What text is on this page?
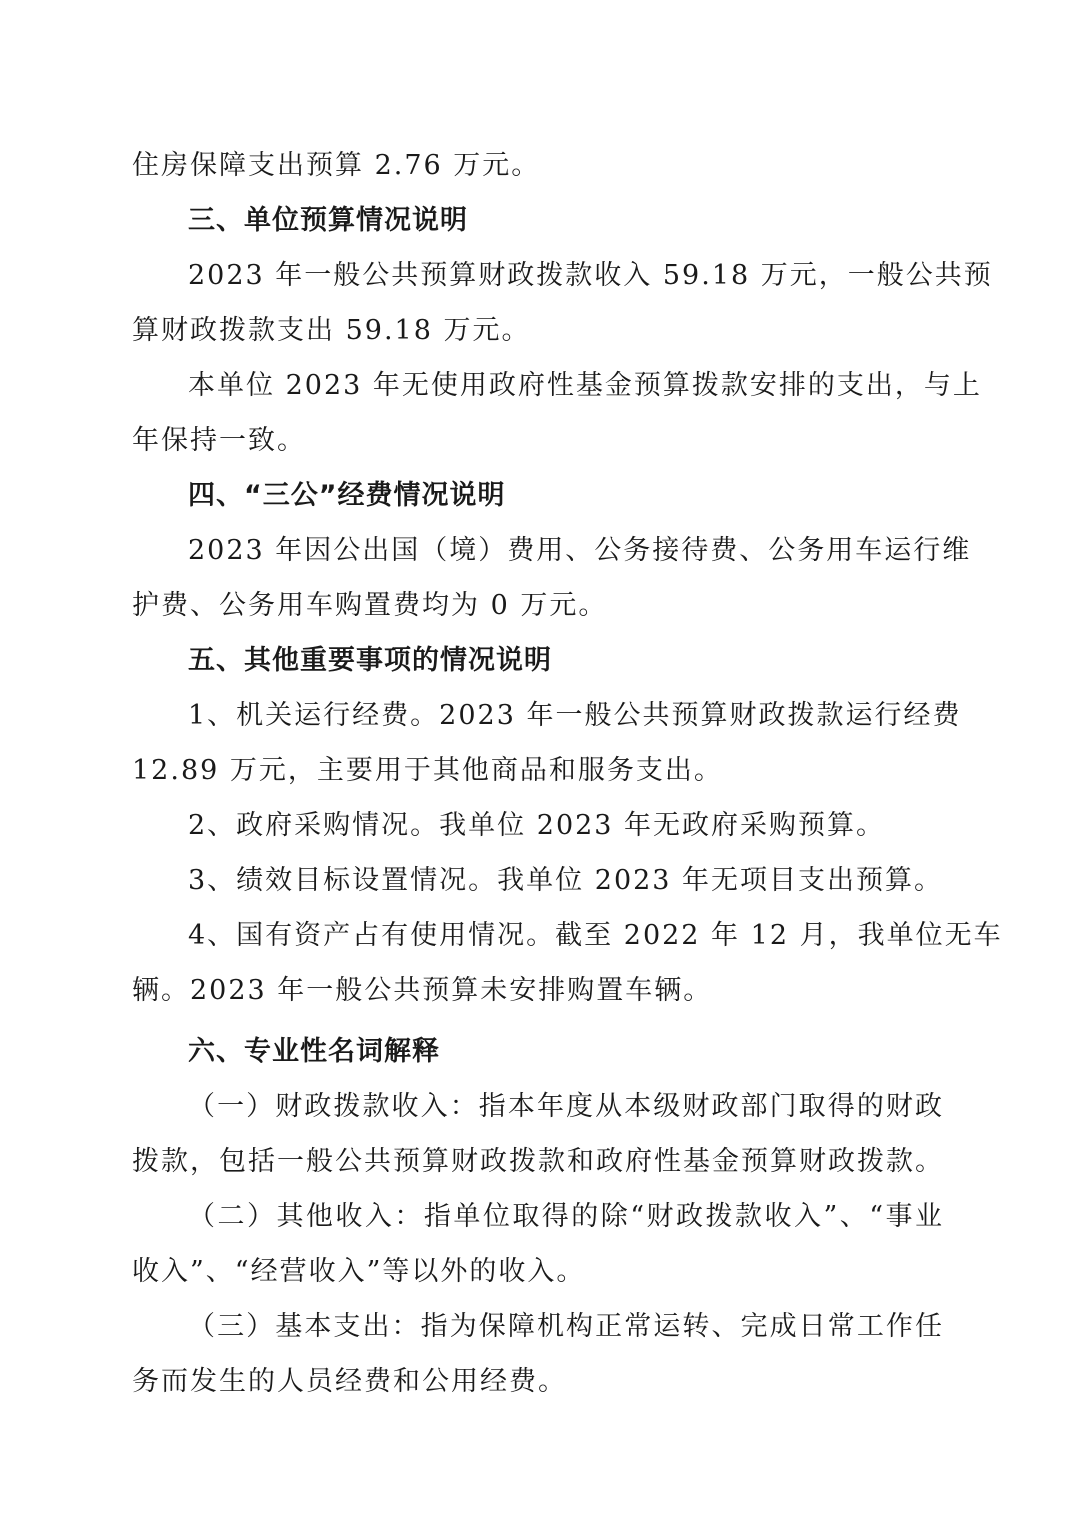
住房保障支出预算 2.76 万元。
三、单位预算情况说明
2023 年一般公共预算财政拨款收入 59.18 万元，一般公共预
算财政拨款支出 59.18 万元。
本单位 2023 年无使用政府性基金预算拨款安排的支出，与上
年保持一致。
四、“三公”经费情况说明
2023 年因公出国（境）费用、公务接待费、公务用车运行维
护费、公务用车购置费均为 0 万元。
五、其他重要事项的情况说明
1、机关运行经费。2023 年一般公共预算财政拨款运行经费
12.89 万元，主要用于其他商品和服务支出。
2、政府采购情况。我单位 2023 年无政府采购预算。
3、绩效目标设置情况。我单位 2023 年无项目支出预算。
4、国有资产占有使用情况。截至 2022 年 12 月，我单位无车
辆。2023 年一般公共预算未安排购置车辆。
六、专业性名词解释
（一）财政拨款收入：指本年度从本级财政部门取得的财政
拨款，包括一般公共预算财政拨款和政府性基金预算财政拨款。
（二）其他收入：指单位取得的除“财政拨款收入”、“事业
收入”、“经营收入”等以外的收入。
（三）基本支出：指为保障机构正常运转、完成日常工作任
务而发生的人员经费和公用经费。
